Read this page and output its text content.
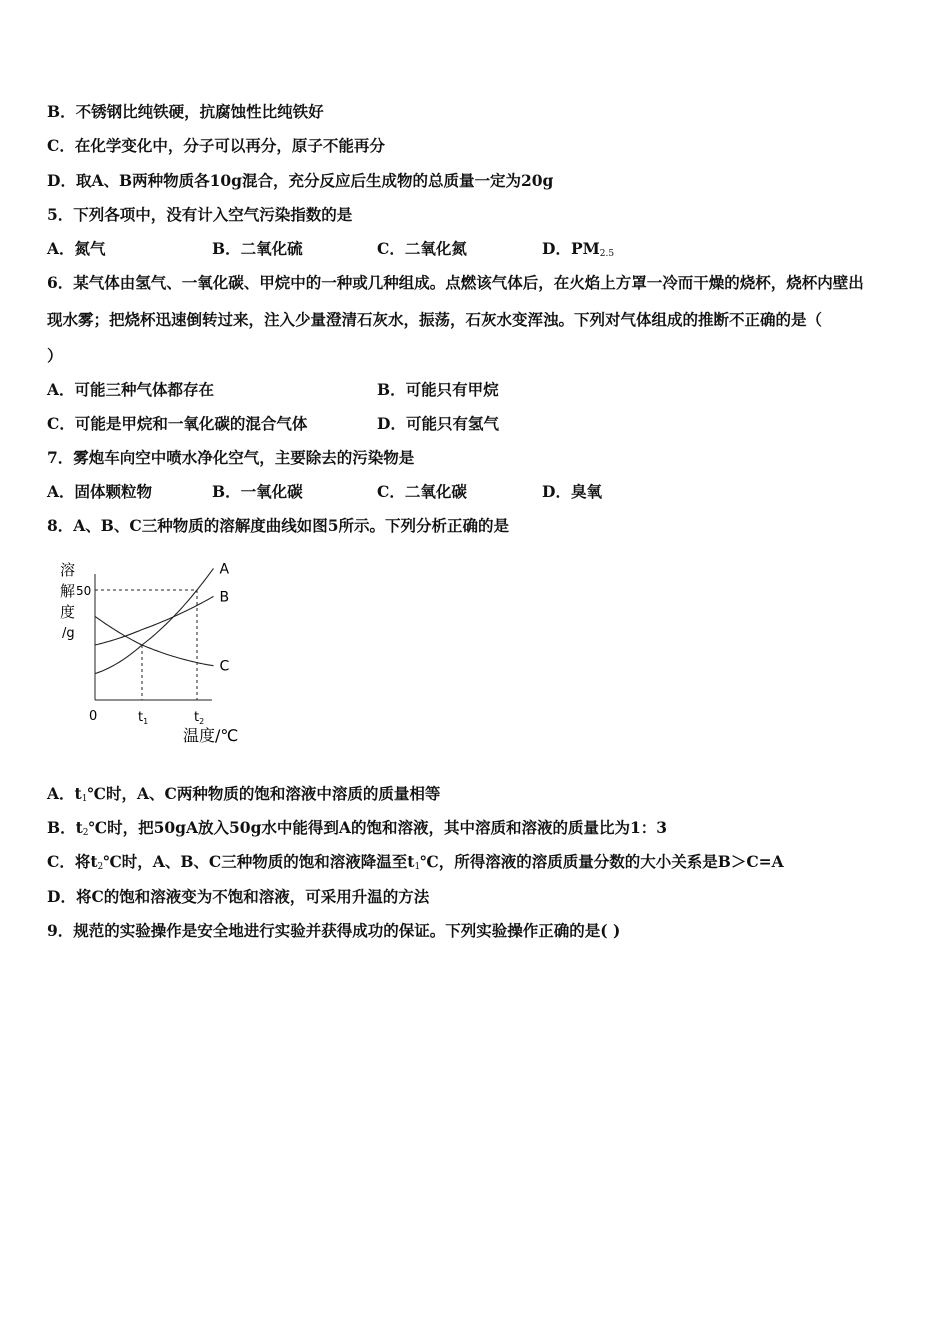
B．不锈钢比纯铁硬，抗腐蚀性比纯铁好
C．在化学变化中，分子可以再分，原子不能再分
D．取A、B两种物质各10g混合，充分反应后生成物的总质量一定为20g
5．下列各项中，没有计入空气污染指数的是
A．氮气	B．二氧化硫	C．二氧化氮	D．$PM_{2.5}$
6．某气体由氢气、一氧化碳、甲烷中的一种或几种组成。点燃该气体后，在火焰上方罩一冷而干燥的烧杯，烧杯内壁出
现水雾；把烧杯迅速倒转过来，注入少量澄清石灰水，振荡，石灰水变浑浊。下列对气体组成的推断不正确的是（
）
A．可能三种气体都存在	B．可能只有甲烷
C．可能是甲烷和一氧化碳的混合气体	D．可能只有氢气
7．雾炮车向空中喷水净化空气，主要除去的污染物是
A．固体颗粒物	B．一氧化碳	C．二氧化碳	D．臭氧
8．A、B、C三种物质的溶解度曲线如图5所示。下列分析正确的是
溶
解
度
/g
50
0	$t_1$	$t_2$
温度/℃
A
B
C
A．$t_1℃$时，A、C两种物质的饱和溶液中溶质的质量相等
B．$t_2℃$时，把50gA放入50g水中能得到A的饱和溶液，其中溶质和溶液的质量比为1：3
C．将$t_2℃$时，A、B、C三种物质的饱和溶液降温至$t_1℃$，所得溶液的溶质质量分数的大小关系是B＞C=A
D．将C的饱和溶液变为不饱和溶液，可采用升温的方法
9．规范的实验操作是安全地进行实验并获得成功的保证。下列实验操作正确的是( )
